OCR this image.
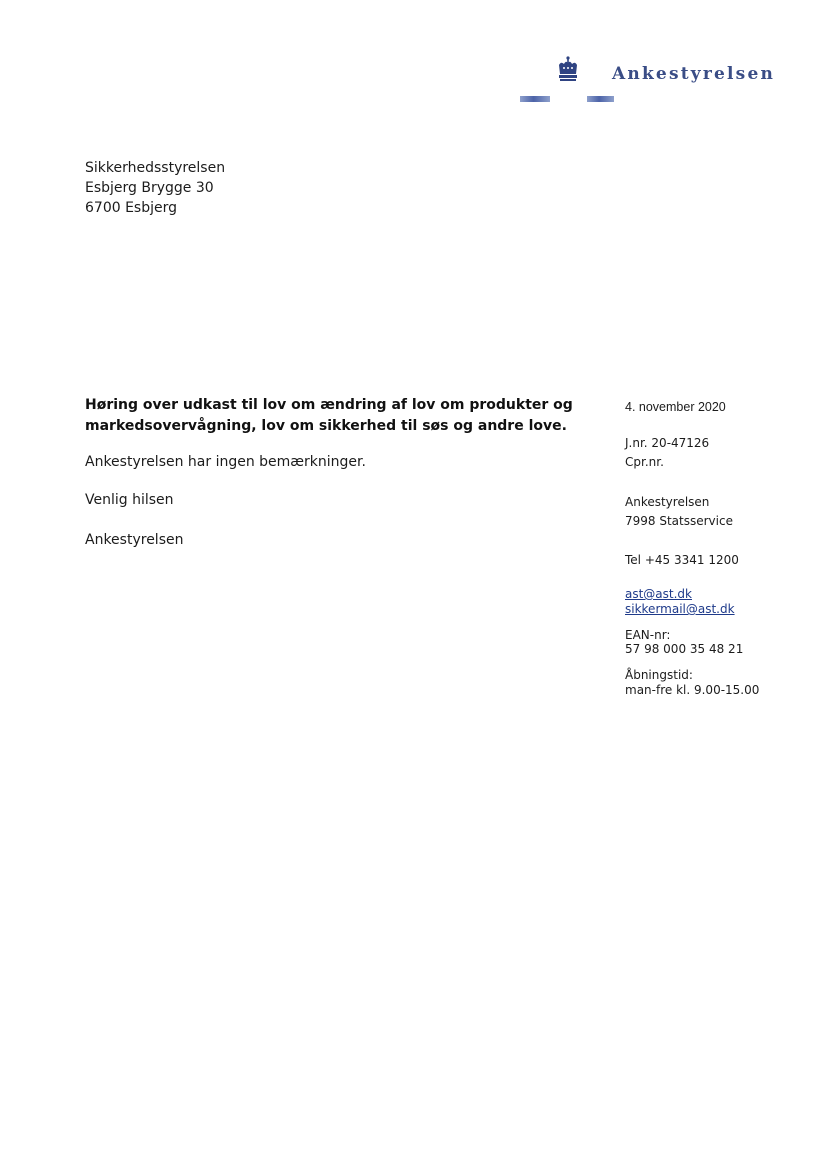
Ankestyrelsen
Sikkerhedsstyrelsen
Esbjerg Brygge 30
6700 Esbjerg
Høring over udkast til lov om ændring af lov om produkter og markedsovervågning, lov om sikkerhed til søs og andre love.
Ankestyrelsen har ingen bemærkninger.
Venlig hilsen
Ankestyrelsen
4. november 2020
J.nr. 20-47126
Cpr.nr.
Ankestyrelsen
7998 Statsservice
Tel +45 3341 1200
ast@ast.dk
sikkermail@ast.dk
EAN-nr:
57 98 000 35 48 21
Åbningstid:
man-fre kl. 9.00-15.00
